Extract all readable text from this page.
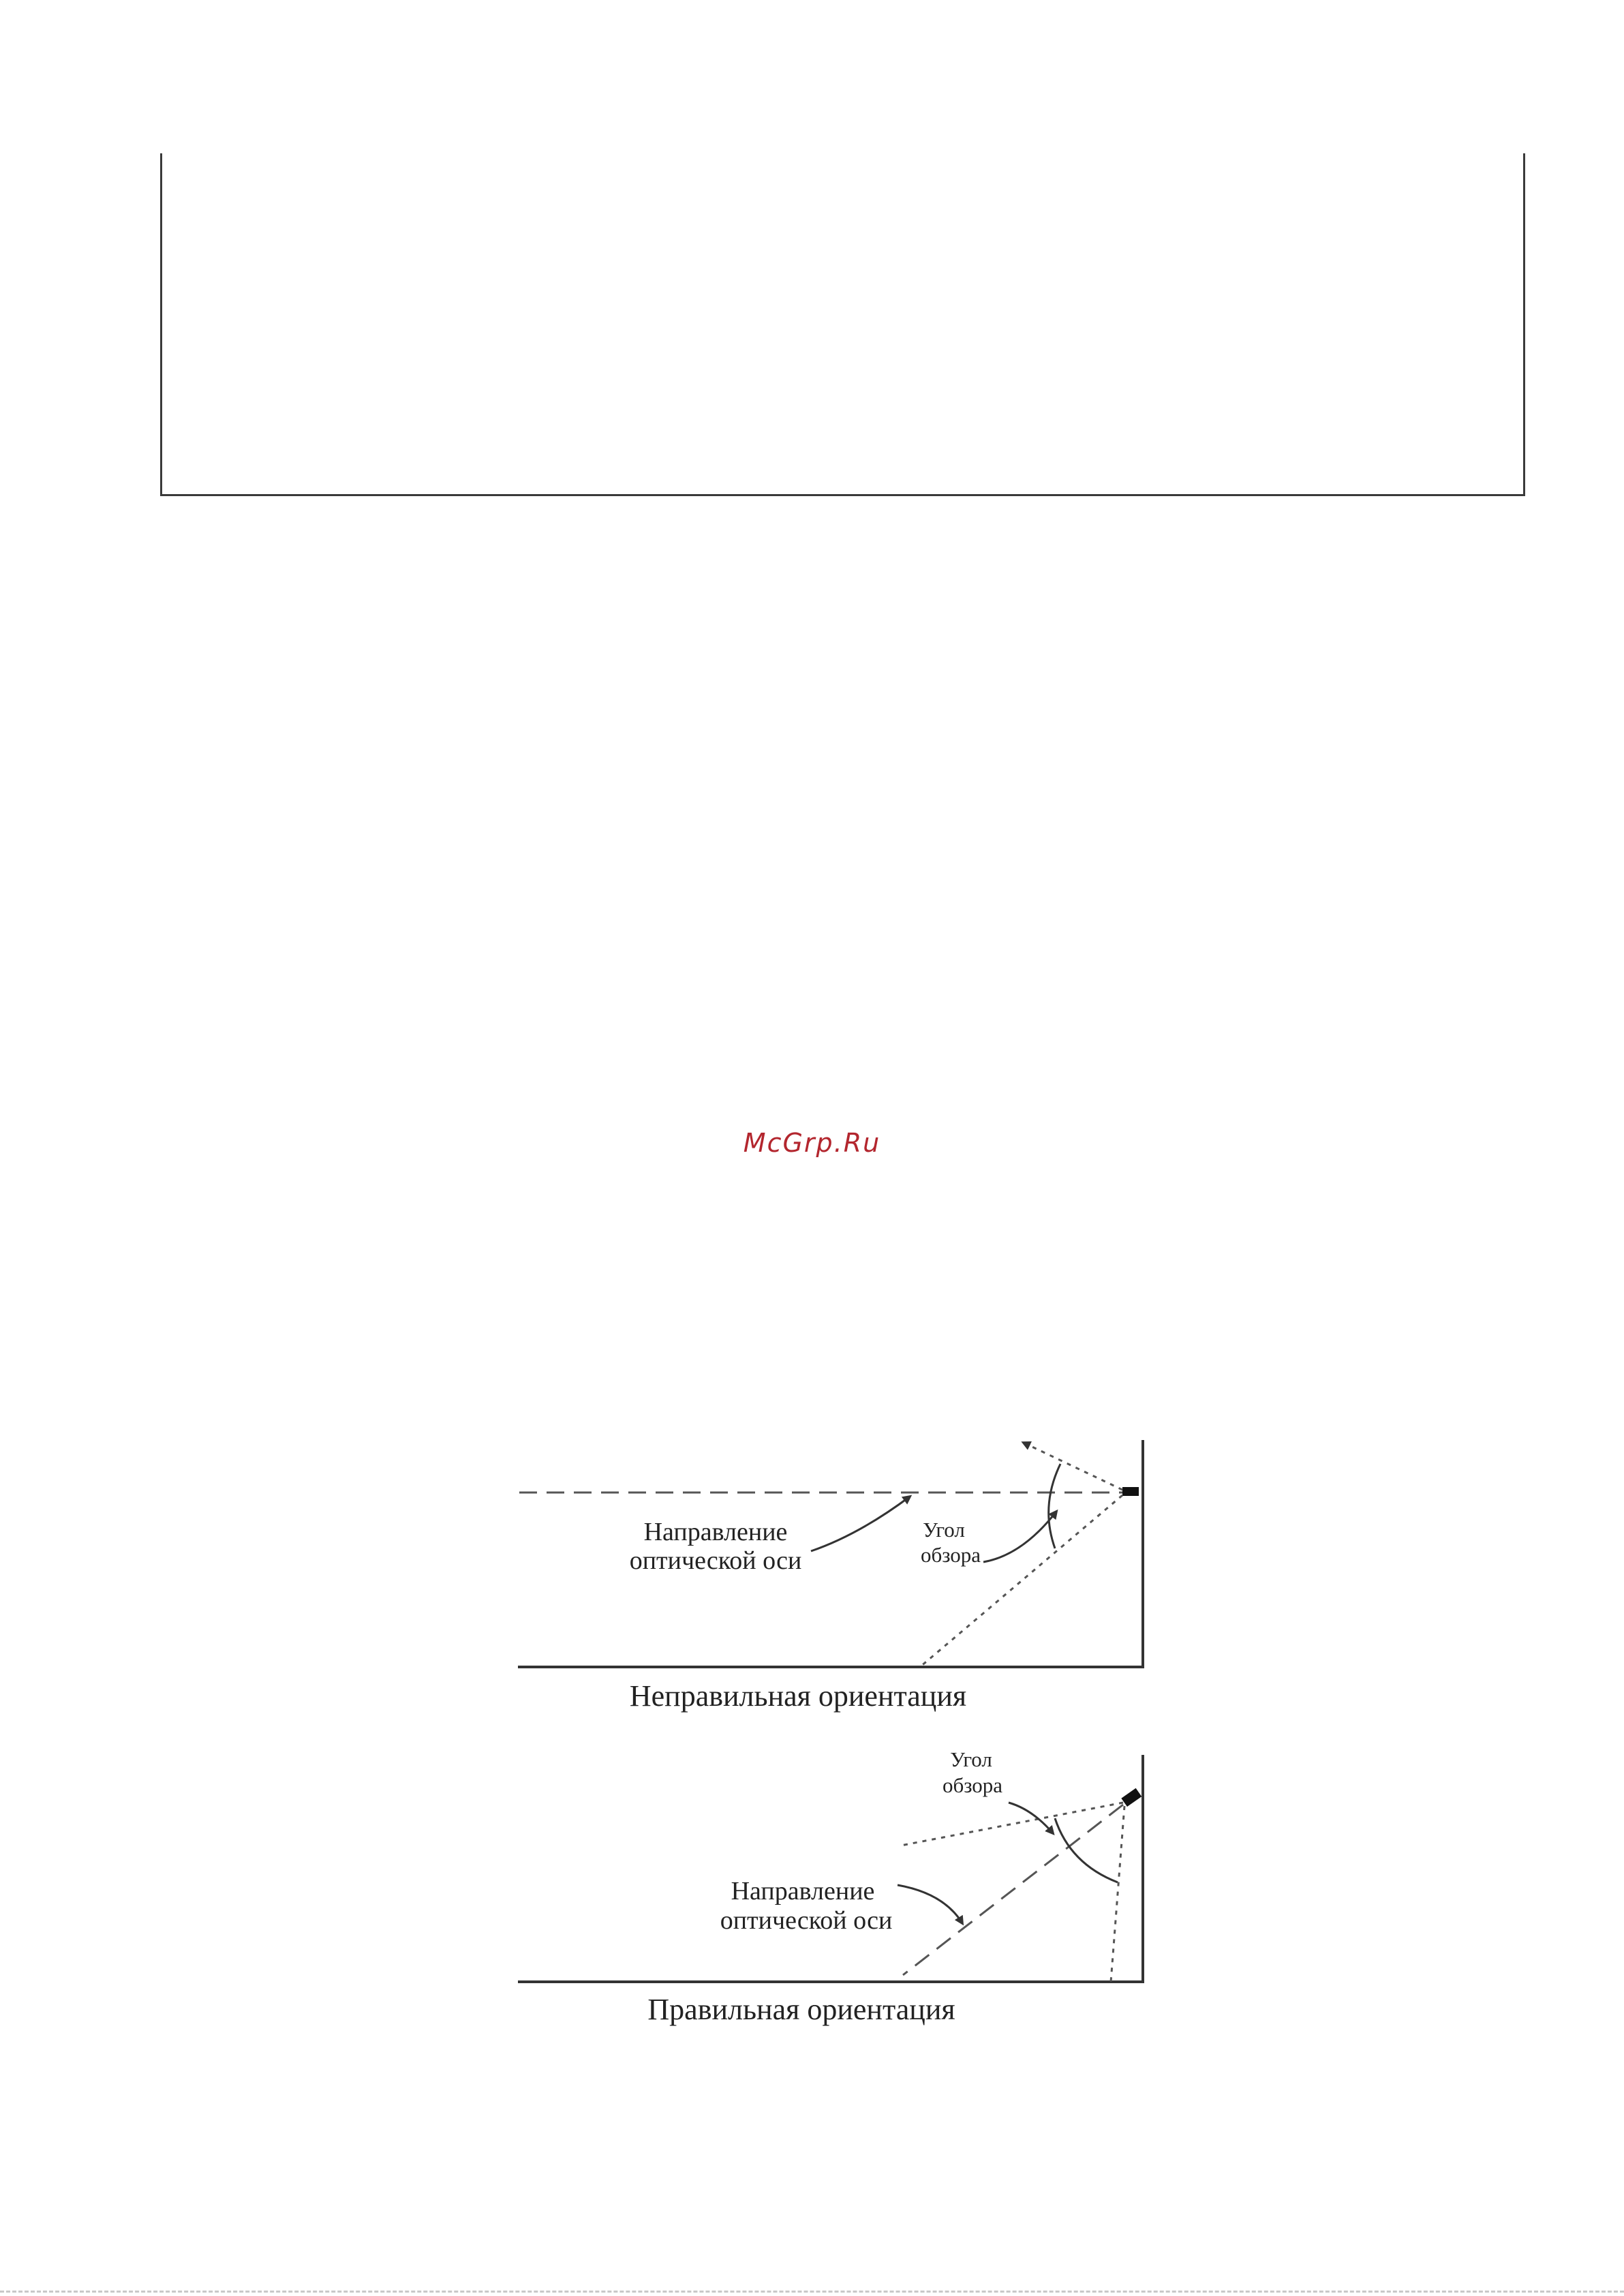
McGrp.Ru
Направление
оптической оси
Угол
обзора
Неправильная ориентация
Угол
обзора
Направление
оптической оси
Правильная ориентация
